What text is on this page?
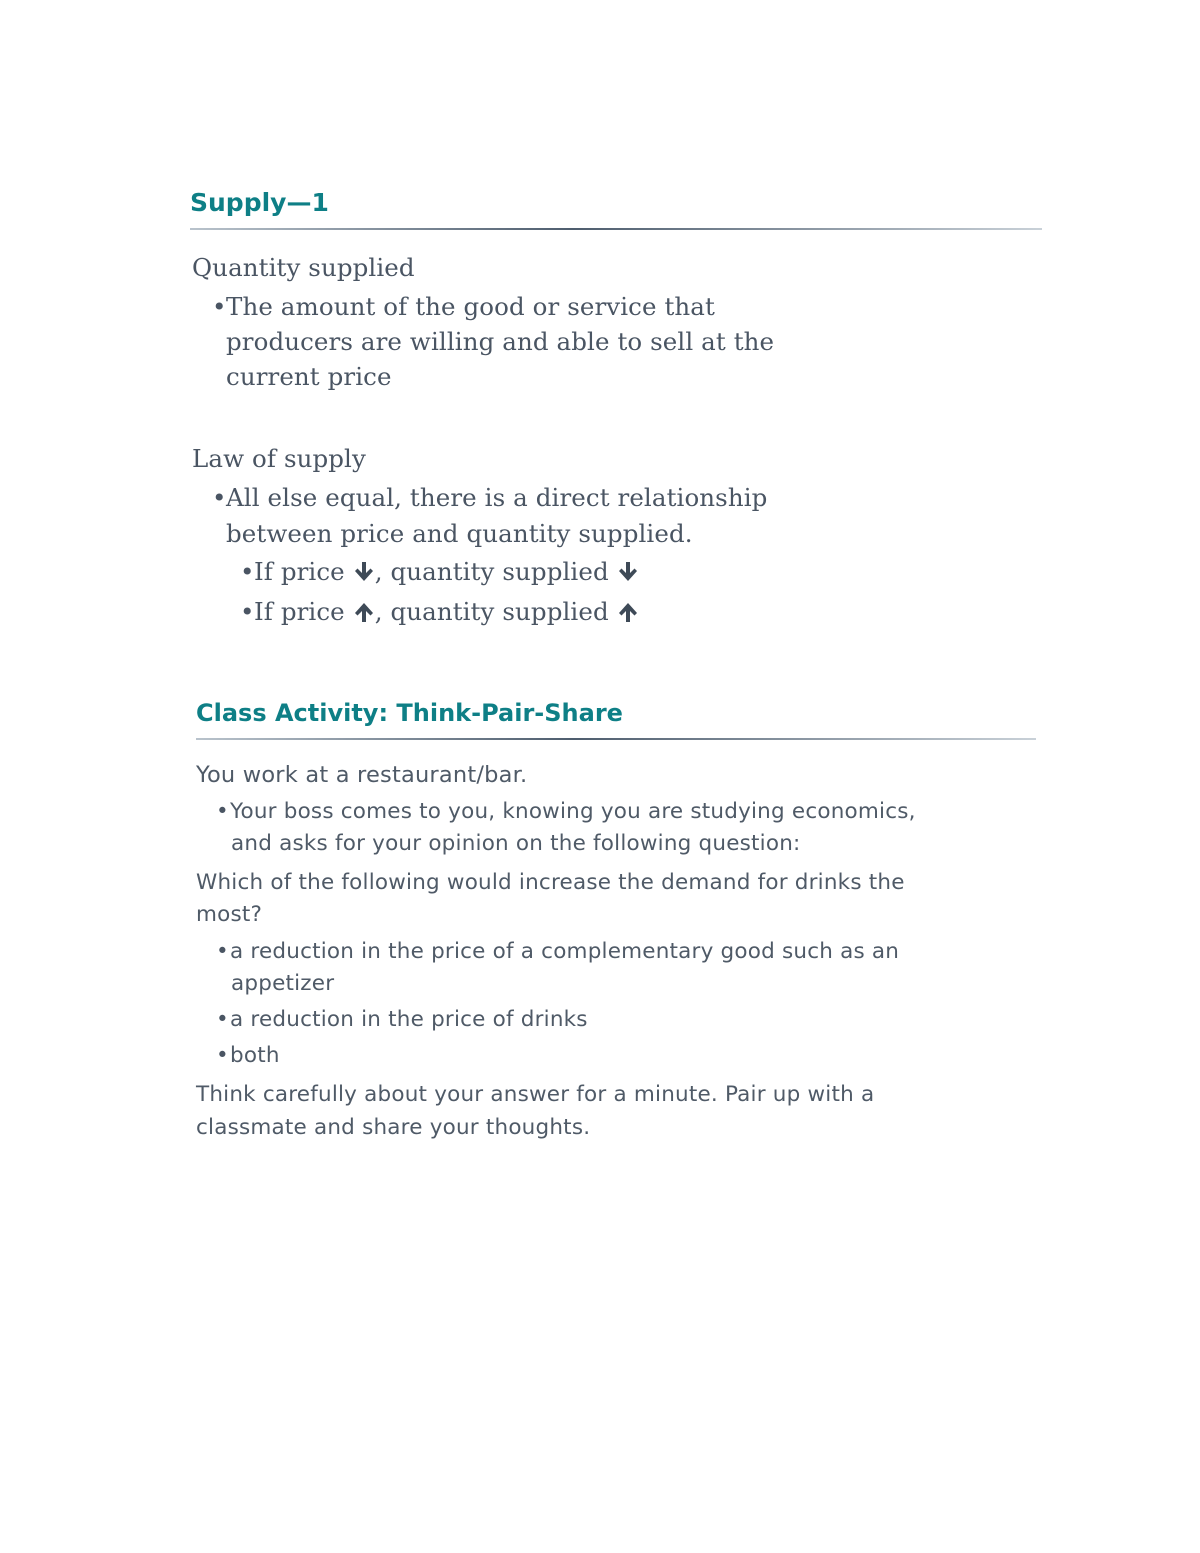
Supply—1
Quantity supplied
•The amount of the good or service that
producers are willing and able to sell at the
current price
Law of supply
•All else equal, there is a direct relationship
between price and quantity supplied.
•If price , quantity supplied
•If price , quantity supplied
Class Activity: Think-Pair-Share
You work at a restaurant/bar.
•Your boss comes to you, knowing you are studying economics,
and asks for your opinion on the following question:
Which of the following would increase the demand for drinks the
most?
•a reduction in the price of a complementary good such as an
appetizer
•a reduction in the price of drinks
•both
Think carefully about your answer for a minute. Pair up with a
classmate and share your thoughts.
